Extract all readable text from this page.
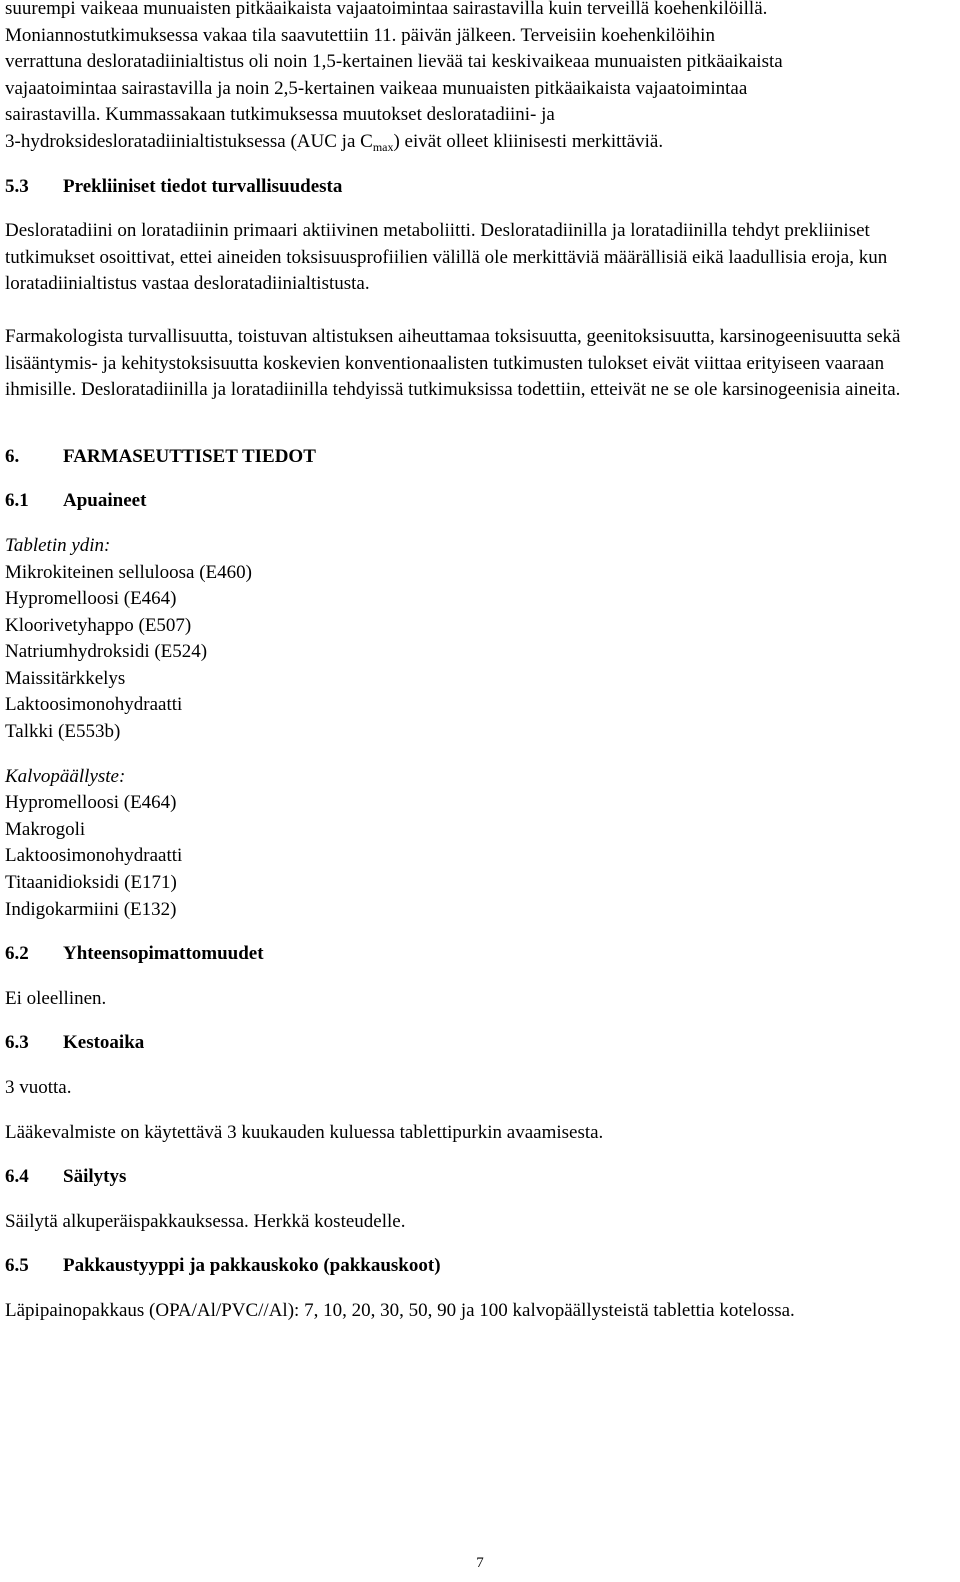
suurempi vaikeaa munuaisten pitkäaikaista vajaatoimintaa sairastavilla kuin terveillä koehenkilöillä.

Moniannostutkimuksessa vakaa tila saavutettiin 11. päivän jälkeen. Terveisiin koehenkilöihin

verrattuna desloratadiinialtistus oli noin 1,5-kertainen lievää tai keskivaikeaa munuaisten pitkäaikaista

vajaatoimintaa sairastavilla ja noin 2,5-kertainen vaikeaa munuaisten pitkäaikaista vajaatoimintaa

sairastavilla. Kummassakaan tutkimuksessa muutokset desloratadiini- ja

3-hydroksidesloratadiinialtistuksessa (AUC ja $C_{max}$) eivät olleet kliinisesti merkittäviä.

5.3	Prekliiniset tiedot turvallisuudesta

Desloratadiini on loratadiinin primaari aktiivinen metaboliitti. Desloratadiinilla ja loratadiinilla tehdyt prekliiniset tutkimukset osoittivat, ettei aineiden toksisuusprofiilien välillä ole merkittäviä määrällisiä eikä laadullisia eroja, kun loratadiinialtistus vastaa desloratadiinialtistusta.

Farmakologista turvallisuutta, toistuvan altistuksen aiheuttamaa toksisuutta, geenitoksisuutta, karsinogeenisuutta sekä lisääntymis- ja kehitystoksisuutta koskevien konventionaalisten tutkimusten tulokset eivät viittaa erityiseen vaaraan ihmisille. Desloratadiinilla ja loratadiinilla tehdyissä tutkimuksissa todettiin, etteivät ne se ole karsinogeenisia aineita.

6.	FARMASEUTTISET TIEDOT
6.1	Apuaineet

Tabletin ydin:

Mikrokiteinen selluloosa (E460)

Hypromelloosi (E464)

Kloorivetyhappo (E507)

Natriumhydroksidi (E524)

Maissitärkkelys

Laktoosimonohydraatti

Talkki (E553b)

Kalvopäällyste:

Hypromelloosi (E464)

Makrogoli

Laktoosimonohydraatti

Titaanidioksidi (E171)

Indigokarmiini (E132)

6.2	Yhteensopimattomuudet

Ei oleellinen.

6.3	Kestoaika

3 vuotta.

Lääkevalmiste on käytettävä 3 kuukauden kuluessa tablettipurkin avaamisesta.

6.4	Säilytys

Säilytä alkuperäispakkauksessa. Herkkä kosteudelle.

6.5	Pakkaustyyppi ja pakkauskoko (pakkauskoot)

Läpipainopakkaus (OPA/Al/PVC//Al): 7, 10, 20, 30, 50, 90 ja 100 kalvopäällysteistä tablettia kotelossa.

7
